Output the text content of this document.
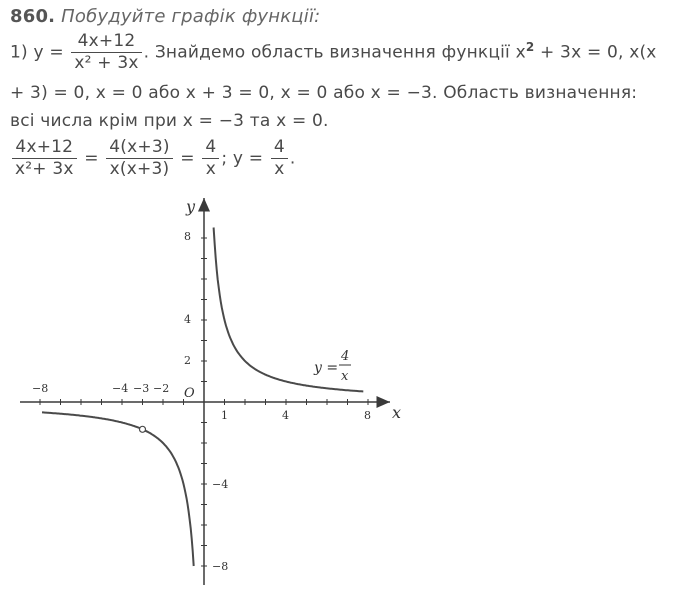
860. Побудуйте графік функції:
1) $y = \frac{4x+12}{\text{x² + 3x}}$ . Знайдемо область визначення функції $x^2 + 3x = 0$, x(x
+ 3) = 0, x = 0 або x + 3 = 0, x = 0 або x = −3. Область визначення:
всі числа крім при x = −3 та x = 0.
$\frac{4x+12}{\text{x²+ 3x}} = \frac{4(x+3)}{x(x+3)} = \frac{4}{x}$ ; $y = \frac{4}{x}$ .
x
y
O
−8	−4 −3 −2
1	4	8
8
4
2
−4
−8
y =
4
x
